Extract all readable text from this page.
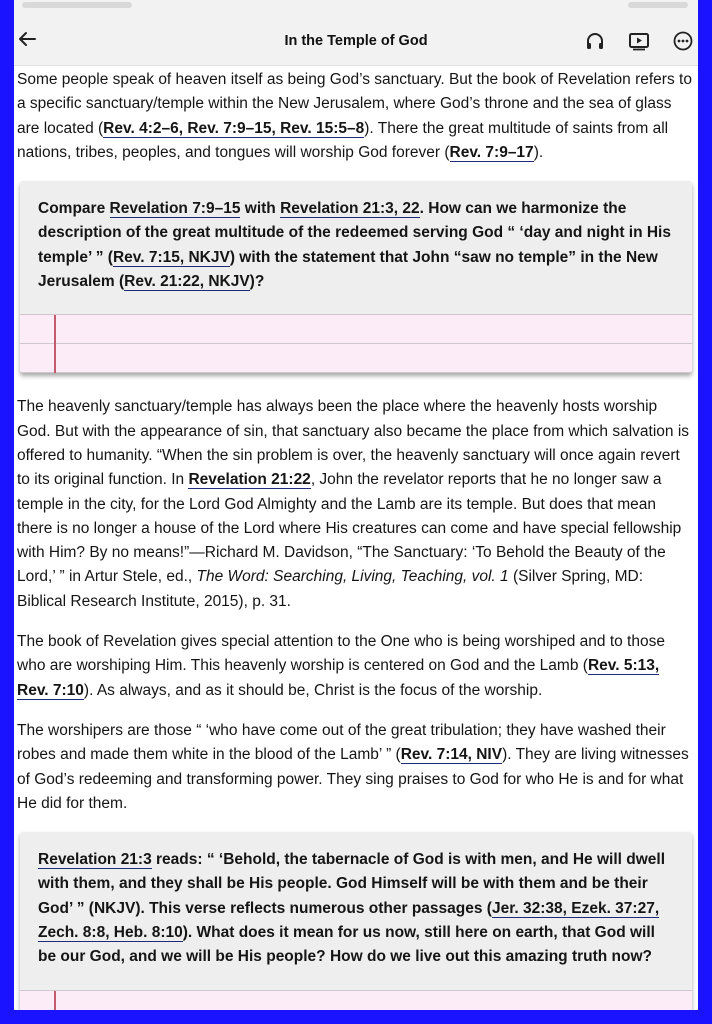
In the Temple of God

Some people speak of heaven itself as being God’s sanctuary. But the book of Revelation refers to a specific sanctuary/temple within the New Jerusalem, where God’s throne and the sea of glass are located (Rev. 4:2–6, Rev. 7:9–15, Rev. 15:5–8). There the great multitude of saints from all nations, tribes, peoples, and tongues will worship God forever (Rev. 7:9–17).

Compare Revelation 7:9–15 with Revelation 21:3, 22. How can we harmonize the description of the great multitude of the redeemed serving God “ ‘day and night in His temple’ ” (Rev. 7:15, NKJV) with the statement that John “saw no temple” in the New Jerusalem (Rev. 21:22, NKJV)?

The heavenly sanctuary/temple has always been the place where the heavenly hosts worship God. But with the appearance of sin, that sanctuary also became the place from which salvation is offered to humanity. “When the sin problem is over, the heavenly sanctuary will once again revert to its original function. In Revelation 21:22, John the revelator reports that he no longer saw a temple in the city, for the Lord God Almighty and the Lamb are its temple. But does that mean there is no longer a house of the Lord where His creatures can come and have special fellowship with Him? By no means!”—Richard M. Davidson, “The Sanctuary: ‘To Behold the Beauty of the Lord,’ ” in Artur Stele, ed., The Word: Searching, Living, Teaching, vol. 1 (Silver Spring, MD: Biblical Research Institute, 2015), p. 31.

The book of Revelation gives special attention to the One who is being worshiped and to those who are worshiping Him. This heavenly worship is centered on God and the Lamb (Rev. 5:13, Rev. 7:10). As always, and as it should be, Christ is the focus of the worship.

The worshipers are those “ ‘who have come out of the great tribulation; they have washed their robes and made them white in the blood of the Lamb’ ” (Rev. 7:14, NIV). They are living witnesses of God’s redeeming and transforming power. They sing praises to God for who He is and for what He did for them.

Revelation 21:3 reads: “ ‘Behold, the tabernacle of God is with men, and He will dwell with them, and they shall be His people. God Himself will be with them and be their God’ ” (NKJV). This verse reflects numerous other passages (Jer. 32:38, Ezek. 37:27, Zech. 8:8, Heb. 8:10). What does it mean for us now, still here on earth, that God will be our God, and we will be His people? How do we live out this amazing truth now?
